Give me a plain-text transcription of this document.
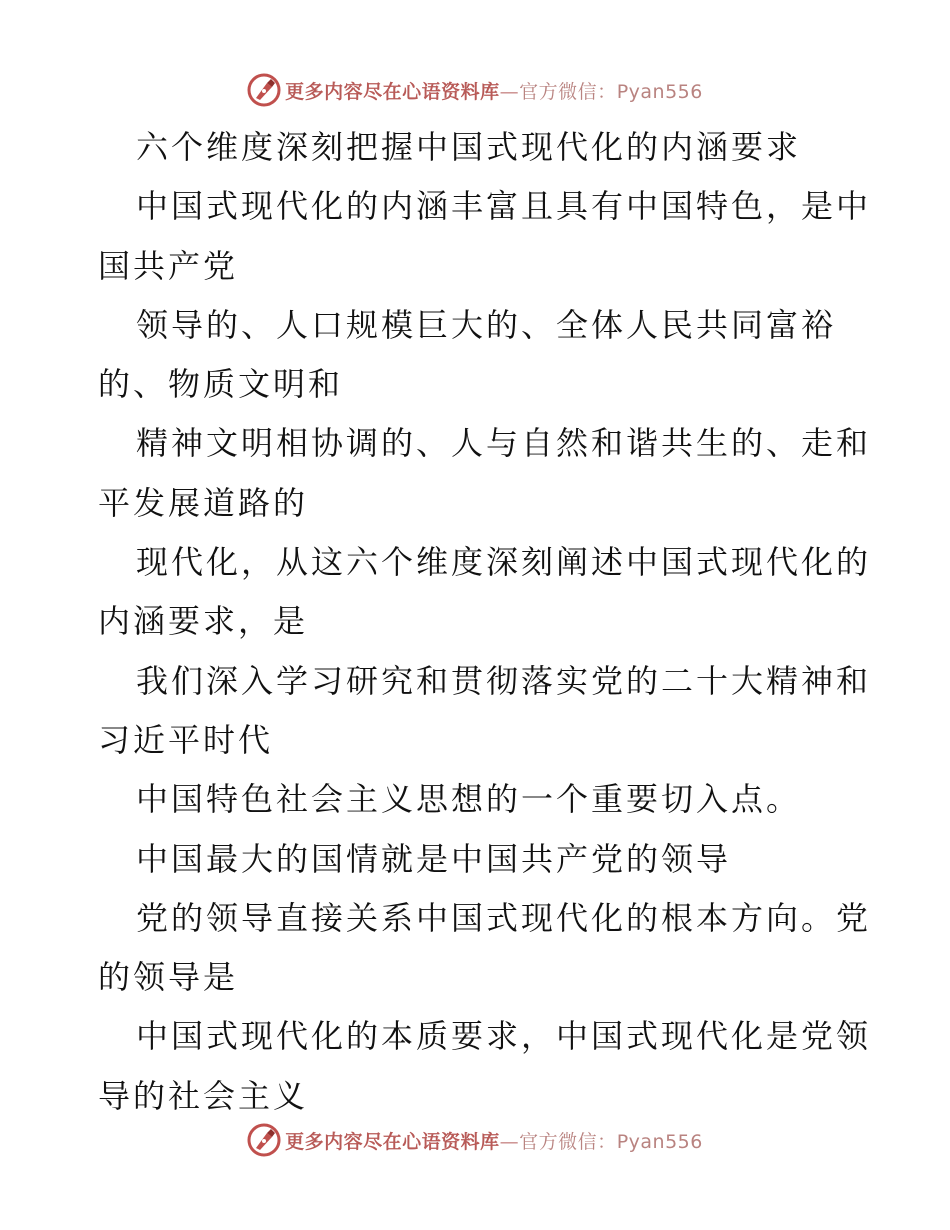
更多内容尽在心语资料库—官方微信：Pyan556
六个维度深刻把握中国式现代化的内涵要求
中国式现代化的内涵丰富且具有中国特色，是中
国共产党
领导的、人口规模巨大的、全体人民共同富裕
的、物质文明和
精神文明相协调的、人与自然和谐共生的、走和
平发展道路的
现代化，从这六个维度深刻阐述中国式现代化的
内涵要求，是
我们深入学习研究和贯彻落实党的二十大精神和
习近平时代
中国特色社会主义思想的一个重要切入点。
中国最大的国情就是中国共产党的领导
党的领导直接关系中国式现代化的根本方向。党
的领导是
中国式现代化的本质要求，中国式现代化是党领
导的社会主义
更多内容尽在心语资料库—官方微信：Pyan556
